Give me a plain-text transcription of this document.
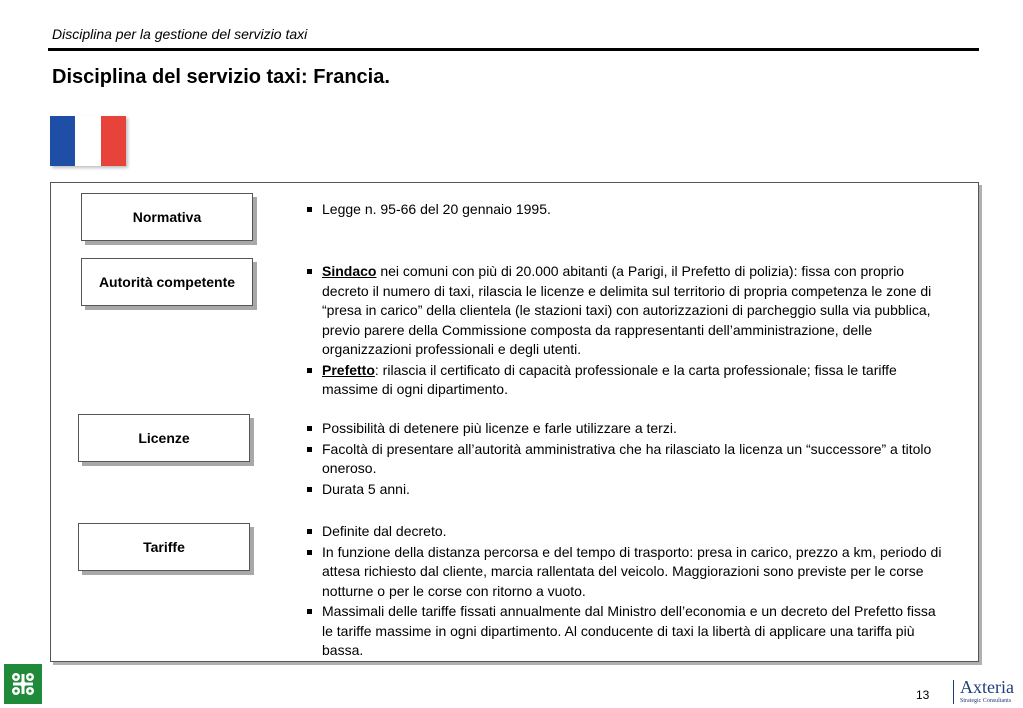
Disciplina per la gestione del servizio taxi
Disciplina del servizio taxi: Francia.
Normativa	Legge n. 95-66 del 20 gennaio 1995.
Autorità competente
Sindaco nei comuni con più di 20.000 abitanti (a Parigi, il Prefetto di polizia): fissa con proprio decreto il numero di taxi, rilascia le licenze e delimita sul territorio di propria competenza le zone di “presa in carico” della clientela (le stazioni taxi) con autorizzazioni di parcheggio sulla via pubblica, previo parere della Commissione composta da rappresentanti dell’amministrazione, delle organizzazioni professionali e degli utenti.
Prefetto: rilascia il certificato di capacità professionale e la carta professionale; fissa le tariffe massime di ogni dipartimento.
Licenze
Possibilità di detenere più licenze e farle utilizzare a terzi.
Facoltà di presentare all’autorità amministrativa che ha rilasciato la licenza un “successore” a titolo oneroso.
Durata 5 anni.
Tariffe
Definite dal decreto.
In funzione della distanza percorsa e del tempo di trasporto: presa in carico, prezzo a km, periodo di attesa richiesto dal cliente, marcia rallentata del veicolo. Maggiorazioni sono previste per le corse notturne o per le corse con ritorno a vuoto.
Massimali delle tariffe fissati annualmente dal Ministro dell’economia e un decreto del Prefetto fissa le tariffe massime in ogni dipartimento. Al conducente di taxi la libertà di applicare una tariffa più bassa.
13 Axteria
Strategic Consultants
